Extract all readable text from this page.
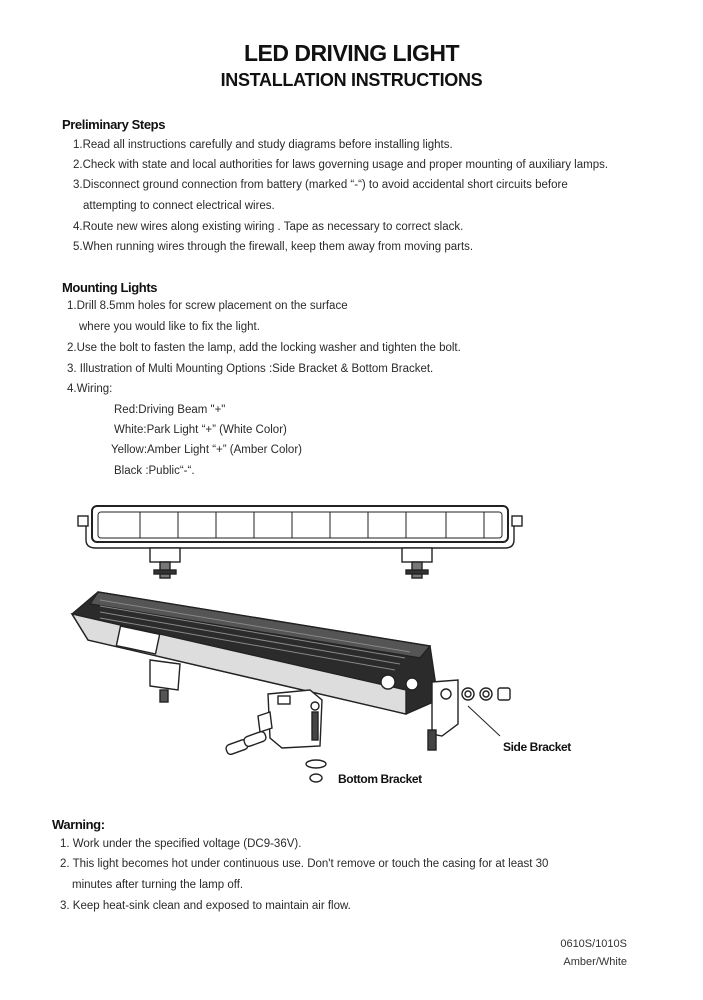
LED DRIVING LIGHT
INSTALLATION INSTRUCTIONS
Preliminary Steps
1.Read all instructions carefully and study diagrams before installing lights.
2.Check with state and local authorities for laws governing usage and proper mounting of auxiliary lamps.
3.Disconnect ground connection from battery (marked “-“) to avoid accidental short circuits before
attempting to connect electrical wires.
4.Route new wires along existing wiring . Tape as necessary to correct slack.
5.When running wires through the firewall, keep them away from moving parts.
Mounting Lights
1.Drill 8.5mm holes for screw placement on the surface
where you would like to fix the light.
2.Use the bolt to fasten the lamp, add the locking washer and tighten the bolt.
3. Illustration of Multi Mounting Options :Side Bracket & Bottom Bracket.
4.Wiring:
Red:Driving Beam "+"
White:Park Light “+” (White Color)
Yellow:Amber Light “+” (Amber Color)
Black :Public“-“.
Side Bracket
Bottom Bracket
Warning:
1. Work under the specified voltage (DC9-36V).
2. This light becomes hot under continuous use. Don't remove or touch the casing for at least 30
minutes after turning the lamp off.
3. Keep heat-sink clean and exposed to maintain air flow.
0610S/1010S
Amber/White
